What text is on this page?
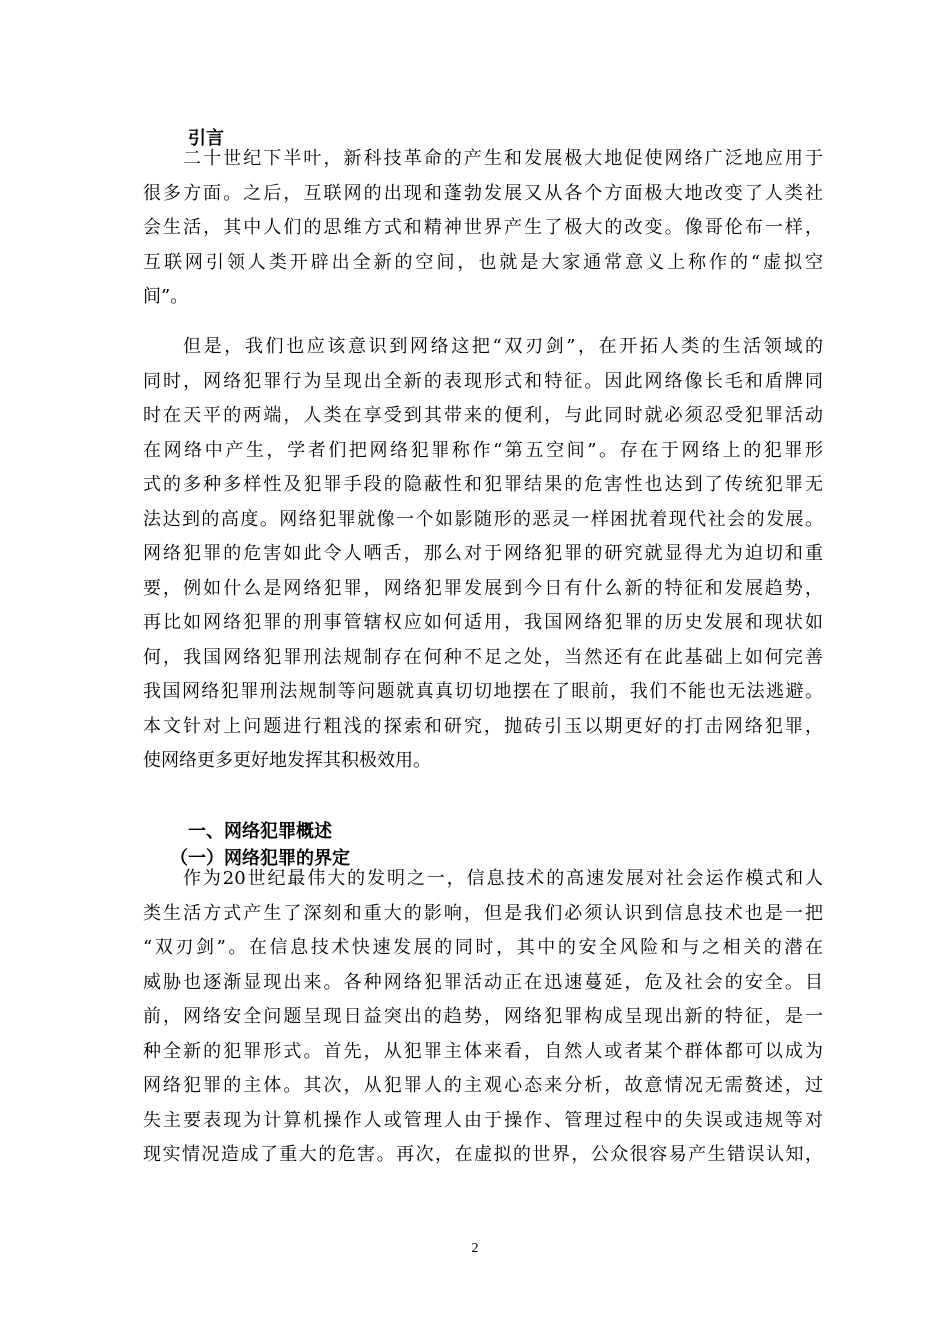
引言
二十世纪下半叶，新科技革命的产生和发展极大地促使网络广泛地应用于
很多方面。之后，互联网的出现和蓬勃发展又从各个方面极大地改变了人类社
会生活，其中人们的思维方式和精神世界产生了极大的改变。像哥伦布一样，
互联网引领人类开辟出全新的空间，也就是大家通常意义上称作的“虚拟空
间”。
但是，我们也应该意识到网络这把“双刃剑”，在开拓人类的生活领域的
同时，网络犯罪行为呈现出全新的表现形式和特征。因此网络像长毛和盾牌同
时在天平的两端，人类在享受到其带来的便利，与此同时就必须忍受犯罪活动
在网络中产生，学者们把网络犯罪称作“第五空间”。存在于网络上的犯罪形
式的多种多样性及犯罪手段的隐蔽性和犯罪结果的危害性也达到了传统犯罪无
法达到的高度。网络犯罪就像一个如影随形的恶灵一样困扰着现代社会的发展。
网络犯罪的危害如此令人哂舌，那么对于网络犯罪的研究就显得尤为迫切和重
要，例如什么是网络犯罪，网络犯罪发展到今日有什么新的特征和发展趋势，
再比如网络犯罪的刑事管辖权应如何适用，我国网络犯罪的历史发展和现状如
何，我国网络犯罪刑法规制存在何种不足之处，当然还有在此基础上如何完善
我国网络犯罪刑法规制等问题就真真切切地摆在了眼前，我们不能也无法逃避。
本文针对上问题进行粗浅的探索和研究，抛砖引玉以期更好的打击网络犯罪，
使网络更多更好地发挥其积极效用。
一、网络犯罪概述
（一）网络犯罪的界定
作为20世纪最伟大的发明之一，信息技术的高速发展对社会运作模式和人
类生活方式产生了深刻和重大的影响，但是我们必须认识到信息技术也是一把
“双刃剑”。在信息技术快速发展的同时，其中的安全风险和与之相关的潜在
威胁也逐渐显现出来。各种网络犯罪活动正在迅速蔓延，危及社会的安全。目
前，网络安全问题呈现日益突出的趋势，网络犯罪构成呈现出新的特征，是一
种全新的犯罪形式。首先，从犯罪主体来看，自然人或者某个群体都可以成为
网络犯罪的主体。其次，从犯罪人的主观心态来分析，故意情况无需赘述，过
失主要表现为计算机操作人或管理人由于操作、管理过程中的失误或违规等对
现实情况造成了重大的危害。再次，在虚拟的世界，公众很容易产生错误认知，
2
